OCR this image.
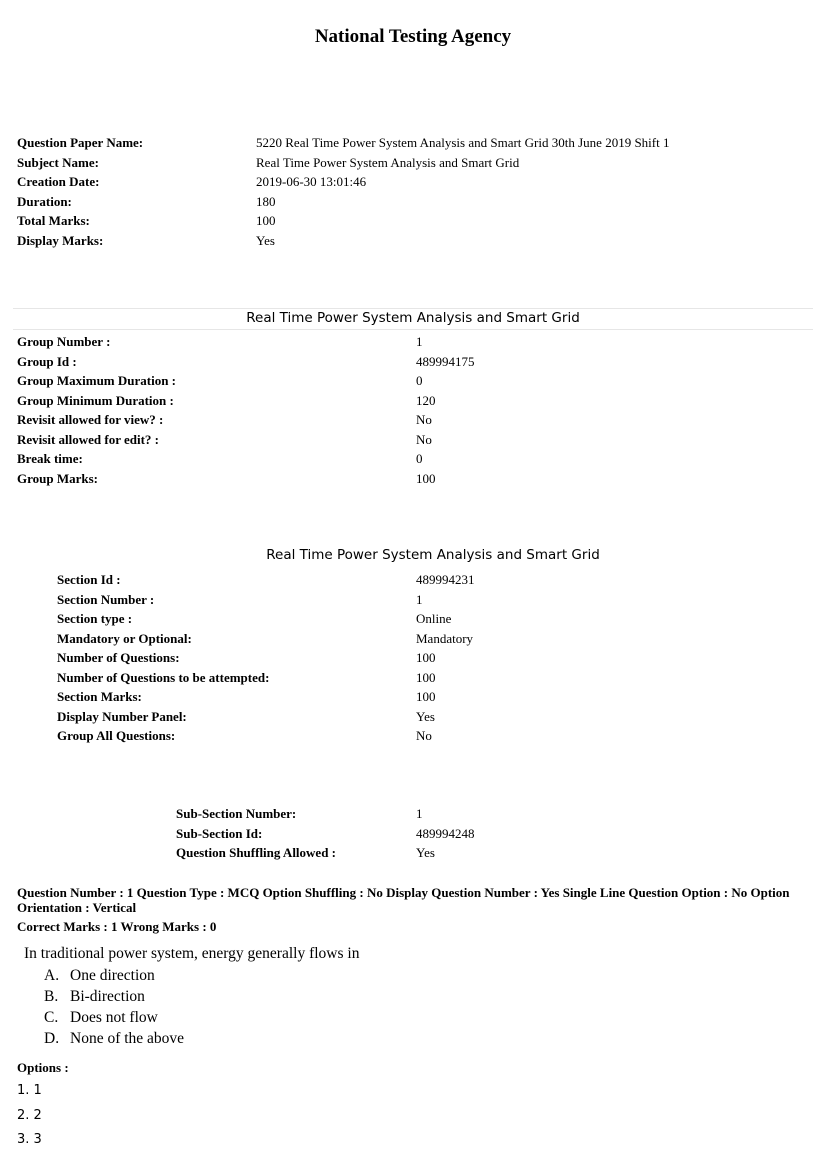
National Testing Agency
Question Paper Name:	5220 Real Time Power System Analysis and Smart Grid 30th June 2019 Shift 1
Subject Name:	Real Time Power System Analysis and Smart Grid
Creation Date:	2019-06-30 13:01:46
Duration:	180
Total Marks:	100
Display Marks:	Yes
Real Time Power System Analysis and Smart Grid
Group Number :	1
Group Id :	489994175
Group Maximum Duration :	0
Group Minimum Duration :	120
Revisit allowed for view? :	No
Revisit allowed for edit? :	No
Break time:	0
Group Marks:	100
Real Time Power System Analysis and Smart Grid
Section Id :	489994231
Section Number :	1
Section type :	Online
Mandatory or Optional:	Mandatory
Number of Questions:	100
Number of Questions to be attempted:	100
Section Marks:	100
Display Number Panel:	Yes
Group All Questions:	No
Sub-Section Number:	1
Sub-Section Id:	489994248
Question Shuffling Allowed :	Yes
Question Number : 1 Question Type : MCQ Option Shuffling : No Display Question Number : Yes Single Line Question Option : No Option Orientation : Vertical
Correct Marks : 1 Wrong Marks : 0
In traditional power system, energy generally flows in
A. One direction
B. Bi-direction
C. Does not flow
D. None of the above
Options :
1. 1
2. 2
3. 3
